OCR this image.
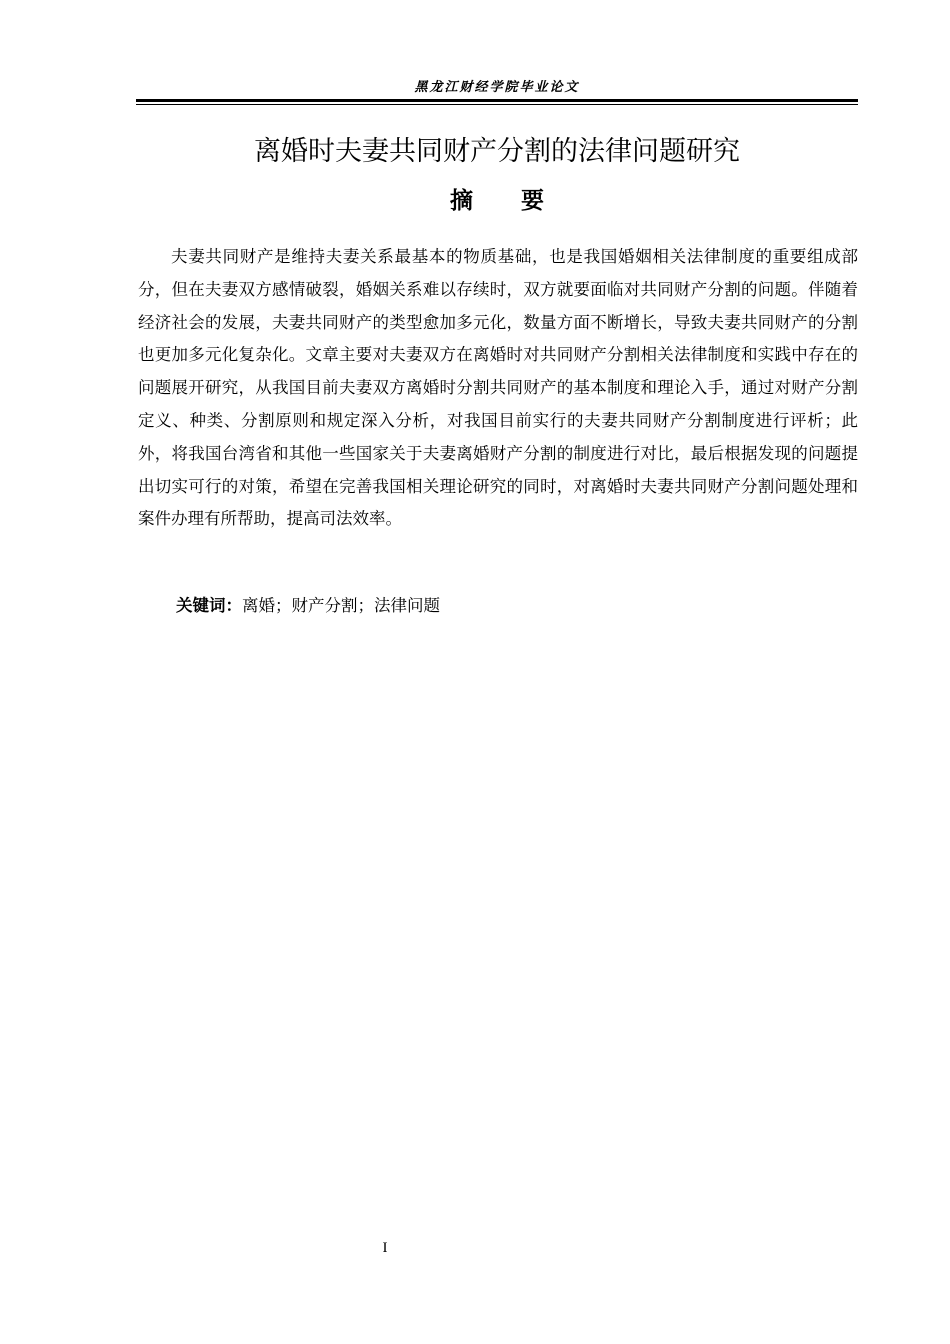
黑龙江财经学院毕业论文
离婚时夫妻共同财产分割的法律问题研究
摘 要

夫妻共同财产是维持夫妻关系最基本的物质基础，也是我国婚姻相关法律制度的重要组成部分，但在夫妻双方感情破裂，婚姻关系难以存续时，双方就要面临对共同财产分割的问题。伴随着经济社会的发展，夫妻共同财产的类型愈加多元化，数量方面不断增长，导致夫妻共同财产的分割也更加多元化复杂化。文章主要对夫妻双方在离婚时对共同财产分割相关法律制度和实践中存在的问题展开研究，从我国目前夫妻双方离婚时分割共同财产的基本制度和理论入手，通过对财产分割定义、种类、分割原则和规定深入分析，对我国目前实行的夫妻共同财产分割制度进行评析；此外，将我国台湾省和其他一些国家关于夫妻离婚财产分割的制度进行对比，最后根据发现的问题提出切实可行的对策，希望在完善我国相关理论研究的同时，对离婚时夫妻共同财产分割问题处理和案件办理有所帮助，提高司法效率。

关键词：离婚；财产分割；法律问题
I
